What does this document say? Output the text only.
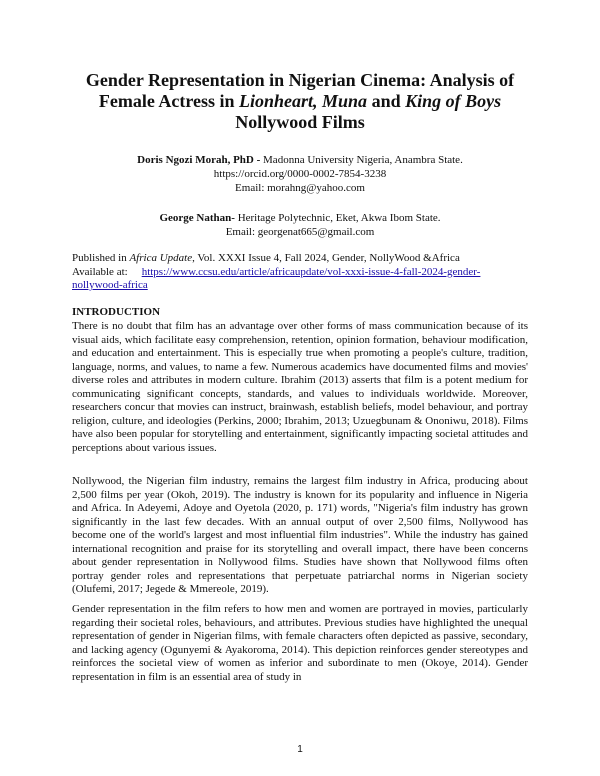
Gender Representation in Nigerian Cinema: Analysis of
Female Actress in Lionheart, Muna and King of Boys
Nollywood Films
Doris Ngozi Morah, PhD - Madonna University Nigeria, Anambra State.
https://orcid.org/0000-0002-7854-3238
Email: morahng@yahoo.com
George Nathan- Heritage Polytechnic, Eket, Akwa Ibom State.
Email: georgenat665@gmail.com
Published in Africa Update, Vol. XXXI Issue 4, Fall 2024, Gender, NollyWood &Africa
Available at: https://www.ccsu.edu/article/africaupdate/vol-xxxi-issue-4-fall-2024-gender-
nollywood-africa
INTRODUCTION
There is no doubt that film has an advantage over other forms of mass communication because of its visual aids, which facilitate easy comprehension, retention, opinion formation, behaviour modification, and education and entertainment. This is especially true when promoting a people's culture, tradition, language, norms, and values, to name a few. Numerous academics have documented films and movies' diverse roles and attributes in modern culture. Ibrahim (2013) asserts that film is a potent medium for communicating significant concepts, standards, and values to individuals worldwide. Moreover, researchers concur that movies can instruct, brainwash, establish beliefs, model behaviour, and portray religion, culture, and ideologies (Perkins, 2000; Ibrahim, 2013; Uzuegbunam & Ononiwu, 2018). Films have also been popular for storytelling and entertainment, significantly impacting societal attitudes and perceptions about various issues.
Nollywood, the Nigerian film industry, remains the largest film industry in Africa, producing about 2,500 films per year (Okoh, 2019). The industry is known for its popularity and influence in Nigeria and Africa. In Adeyemi, Adoye and Oyetola (2020, p. 171) words, "Nigeria's film industry has grown significantly in the last few decades. With an annual output of over 2,500 films, Nollywood has become one of the world's largest and most influential film industries". While the industry has gained international recognition and praise for its storytelling and overall impact, there have been concerns about gender representation in Nollywood films. Studies have shown that Nollywood films often portray gender roles and representations that perpetuate patriarchal norms in Nigerian society (Olufemi, 2017; Jegede & Mmereole, 2019).
Gender representation in the film refers to how men and women are portrayed in movies, particularly regarding their societal roles, behaviours, and attributes. Previous studies have highlighted the unequal representation of gender in Nigerian films, with female characters often depicted as passive, secondary, and lacking agency (Ogunyemi & Ayakoroma, 2014). This depiction reinforces gender stereotypes and reinforces the societal view of women as inferior and subordinate to men (Okoye, 2014). Gender representation in film is an essential area of study in
1
